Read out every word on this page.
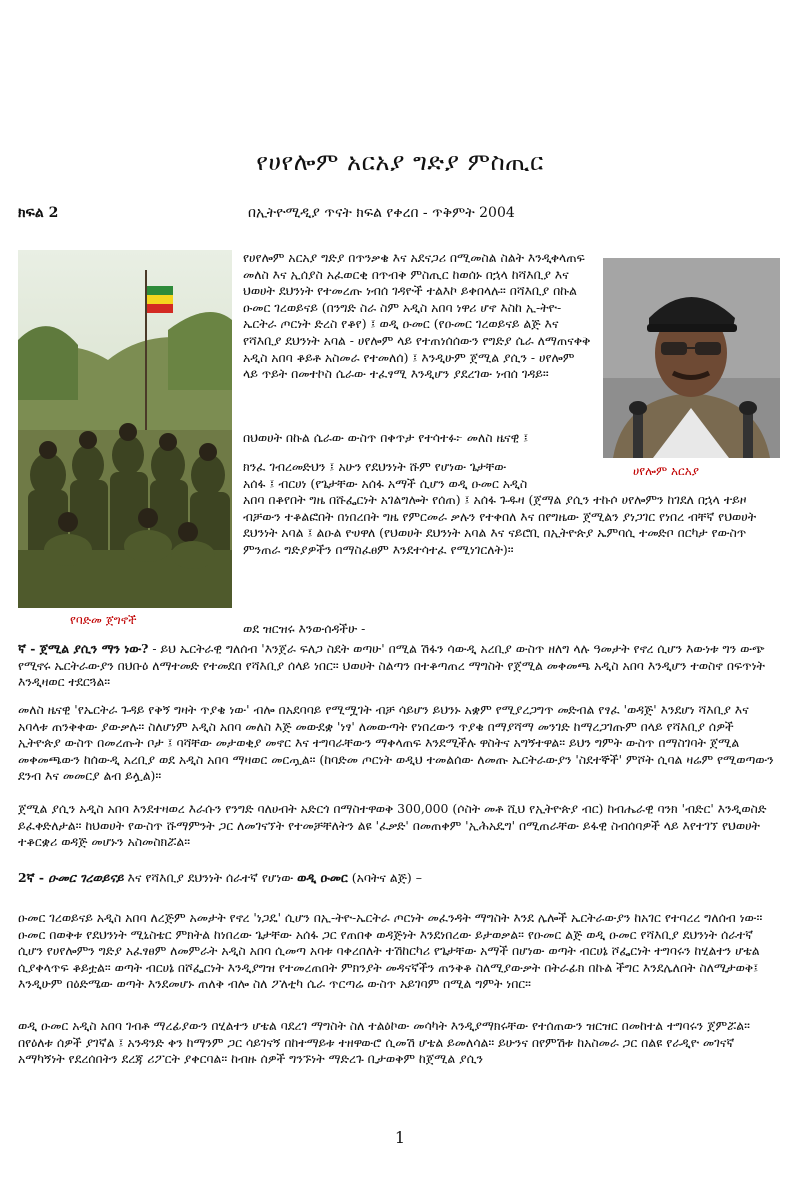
የሀየሎም አርአያ ግድያ ምስጢር
ክፍል 2	በኢትዮሚዲያ ጥናት ክፍል የቀረበ - ጥቅምት 2004
የባድመ ጀግኖች
ሀየሎም አርአያ
የሀየሎም አርአያ ግድያ በጥንቃቄ እና አደናጋሪ በሚመስል ስልት እንዲቀላጠፍ መለስ እና ኢሰያስ አፈወርቂ በጥብቅ ምስጢር ከወሰኑ በኋላ ከሻእቢያ እና ህወሀት ደህንነት የተመረጡ ነብሰ ገዳዮች ተልእኮ ይቀበላሉ። በሻእቢያ በኩል ዑመር ገረወይናይ (በንግድ ስራ ስም አዲስ አበባ ነዋሪ ሆኖ እስከ ኢ-ትዮ- ኤርትራ ጦርነት ድረስ የቆየ) ፤ ወዲ ዑመር (የዑመር ገረወይናይ ልጅ እና የሻእቢያ ደህንነት አባል - ሀየሎም ላይ የተጠነሰሰውን የግድያ ሴራ ለማጠናቀቅ አዲስ አበባ ቆይቶ አስመራ የተመለሰ) ፤ እንዲሁም ጀሚል ያሲን - ሀየሎም ላይ ጥይት በመተኮስ ሴራው ተፈፃሚ እንዲሆን ያደረገው ነብሰ ገዳይ።
በህወሀት በኩል ሴራው ውስጥ በቀጥታ የተሳተፉ፦ መለስ ዜናዊ ፤
ክንፈ ገብረመድህን ፤ አሁን የደህንነት ሹም የሆነው ጌታቸው
አሰፋ ፤ ብርሀነ (የጌታቸው አሰፋ አማች ሲሆን ወዲ ዑመር አዲስ
አበባ በቆየበት ግዜ በሹፌርነት አገልግሎት የሰጠ) ፤ አሰፋ ጉዱዛ (ጀማል ያሲን ተኩሶ ሀየሎምን ከገደለ በኋላ ተይዞ ብቻውን ተቆልፎበት በነበረበት ግዜ የምርመራ ቃሉን የተቀበለ እና በየግዜው ጀሚልን ያነጋገር የነበረ ብቸኛ የህወሀት ደህንነት አባል ፤ ልዑል ዮሀዋለ (የህወሀት ደህንነት አባል እና ናይሮቢ በኢትዮጵያ ኤምባሲ ተመድቦ በርካታ የውስጥ ምንጠራ ግድያዎችን በማስፈፀም እንደተሳተፈ የሚነገርለት)።
ወደ ዝርዝሩ እንውሰዳችሁ -
ኛ - ጀሚል ያሲን ማን ነው? - ይህ ኤርትራዊ ግለሰብ 'እንጀራ ፍለጋ ስደት ወጣሁ' በሚል ሽፋን ሳውዲ አረቢያ ውስጥ ዘለግ ላሉ ዓመታት የኖረ ሲሆን እውነቱ ግን ውጭ የሚኖሩ ኤርትራውያን በህቡዕ ለማተመድ የተመደበ የሻእቢያ ሰላይ ነበር። ህወሀት ስልጣን በተቆጣጠረ ማግስት የጀሚል መቀመጫ አዲስ አበባ እንዲሆን ተወስኖ በፍጥነት እንዲዛወር ተደርጓል።
መለስ ዜናዊ 'የኤርትራ ጉዳይ የቅኝ ግዛት ጥያቄ ነው' ብሎ በአደባባይ የሚሟገት ብቻ ሳይሆን ይህንኑ አቋም የሚያረጋግጥ መድብል የፃፈ 'ወዳጅ' እንደሆነ ሻእቢያ እና አባላቱ ጠንቅቀው ያውቃሉ። ስለሆነም አዲስ አበባ መለስ እጅ መውደቋ 'ነፃ' ለመውጣት የነበረውን ጥያቄ በማያሻማ መንገድ ከማረጋገጡም በላይ የሻእቢያ ሰዎች ኢትዮጵያ ውስጥ በመረጡት ቦታ ፤ ባሻቸው መታወቂያ መኖር እና ተግባራቸውን ማቀላጠፍ እንደሚችሉ ዋስትና አግኝተዋል። ይህን ግምት ውስጥ በማስገባት ጀሚል መቀመጫውን ከሰውዲ አረቢያ ወደ አዲስ አበባ ማዛወር መርጧል። (ከባድመ ጦርነት ወዲህ ተመልሰው ለመጡ ኤርትራውያን 'ስደተኞች' ምሾት ሲባል ዛሬም የሚወጣውን ደንብ እና መመርያ ልብ ይሏል)።
ጀሚል ያሲን አዲስ አበባ እንደተዛወረ እራሱን የንግድ ባለሀብት አድርጎ በማስተዋወቅ 300,000 (ሶስት መቶ ሺህ የኢትዮጵያ ብር) ከብሔራዊ ባንክ 'ብድር' እንዲወስድ ይፈቀድለታል። ከህወሀት የውስጥ ሹማምንት ጋር ለመገናኘት የተመቻቸለትን ልዩ 'ፈቃድ' በመጠቀም 'ኢሕአዴግ' በሚጠራቸው ይፋዊ ስብሰባዎች ላይ እየተገኘ የህወሀት ተቆርቋሪ ወዳጅ መሆኑን አስመስክሯል።
2ኛ - ዑመር ገረወይናይ እና የሻእቢያ ደህንነት ሰራተኛ የሆነው ወዲ ዑመር (አባትና ልጅ) –
ዑመር ገረወይናይ አዲስ አበባ ለረጅም አመታት የኖረ 'ነጋዴ' ሲሆን በኢ-ትዮ-ኤርትራ ጦርነት መፈንዳት ማግስት እንደ ሌሎች ኤርትራውያን ከአገር የተባረረ ግለሰብ ነው። ዑመር በወቅቱ የደህንነት ሚኒስቴር ምክትል ከነበረው ጌታቸው አሰፋ ጋር የጠበቀ ወዳጅነት እንደነበረው ይታወቃል። የዑመር ልጅ ወዲ ዑመር የሻእቢያ ደህንነት ሰራተኛ ሲሆን የሀየሎምን ግድያ አፈፃፀም ለመምራት አዲስ አበባ ሲመጣ አባቱ ባቀረበለት ተሽከርካሪ የጌታቸው አማች በሆነው ወጣት ብርሀኔ ሾፌርነት ተግባሩን ከሂልተን ሆቴል ሲያቀላጥፍ ቆይቷል። ወጣት ብርሀኔ በሾፌርነት እንዲያግዝ የተመረጠበት ምክንያት መዳናኛችን ጠንቅቆ ስለሚያውቃት በትራፊክ በኩል ችግር እንደሌለበት ስለሚታወቅ፤ እንዲሁም በዕድሜው ወጣት እንደመሆኑ ጠለቅ ብሎ ስለ ፖለቲካ ሴራ ጥርጣሬ ውስጥ አይገባም በሚል ግምት ነበር።
ወዲ ዑመር አዲስ አበባ ገብቶ ማረፊያውን በሂልተን ሆቴል ባደረገ ማግስት ስለ ተልዕኮው መሳካት እንዲያማክሩቸው የተሰጠውን ዝርዝር በመከተል ተግባሩን ጀምሯል። በየዕለቱ ሰዎች ያገኛል ፤ አንዳንድ ቀን ከማንም ጋር ሳይገናኝ በከተማይቱ ተዘዋውሮ ሲመሽ ሆቴል ይመለሳል። ይሁንና በየምሽቱ ከአስመራ ጋር በልዩ የራዲዮ መገናኛ አማካኝነት የደረሰበትን ደረጃ ሪፖርት ያቀርባል። ከብዙ ሰዎች ግንኙነት ማድረጉ ቢታወቅም ከጀሚል ያሲን
1
